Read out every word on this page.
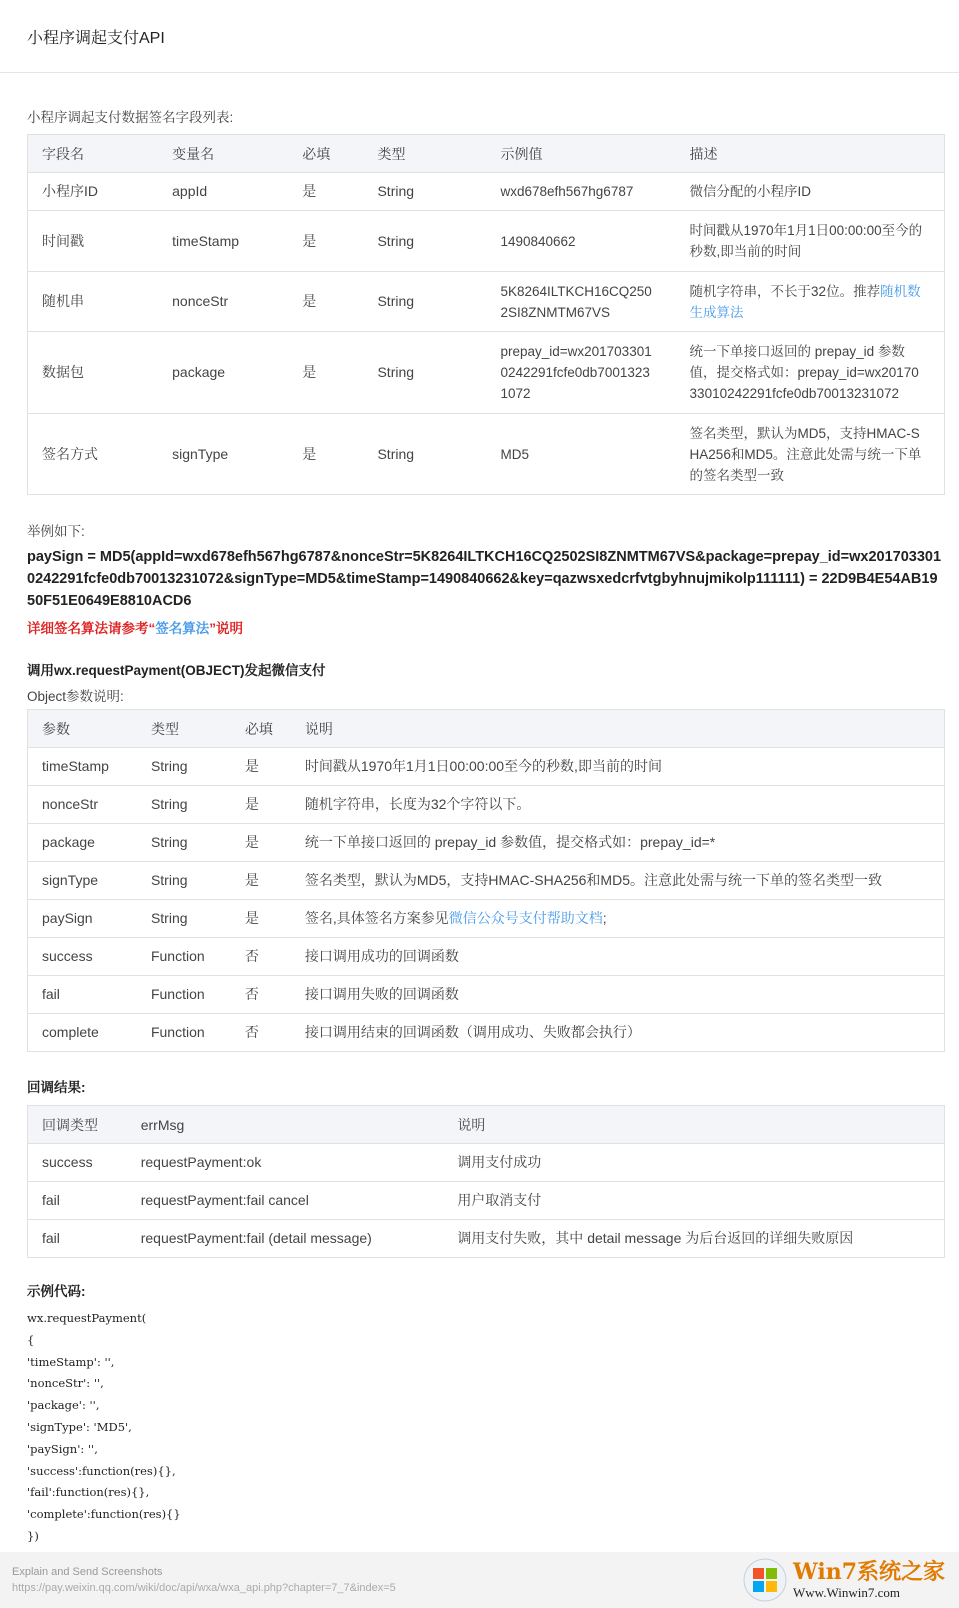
小程序调起支付API
小程序调起支付数据签名字段列表:
字段名	变量名	必填	类型	示例值	描述
小程序ID	appId	是	String	wxd678efh567hg6787	微信分配的小程序ID
时间戳	timeStamp	是	String	1490840662	时间戳从1970年1月1日00:00:00至今的秒数,即当前的时间
随机串	nonceStr	是	String	5K8264ILTKCH16CQ2502SI8ZNMTM67VS	随机字符串，不长于32位。推荐随机数生成算法
数据包	package	是	String	prepay_id=wx2017033010242291fcfe0db70013231072	统一下单接口返回的 prepay_id 参数值，提交格式如：prepay_id=wx2017033010242291fcfe0db70013231072
签名方式	signType	是	String	MD5	签名类型，默认为MD5，支持HMAC-SHA256和MD5。注意此处需与统一下单的签名类型一致
举例如下:
paySign = MD5(appId=wxd678efh567hg6787&nonceStr=5K8264ILTKCH16CQ2502SI8ZNMTM67VS&package=prepay_id=wx2017033010242291fcfe0db70013231072&signType=MD5&timeStamp=1490840662&key=qazwsxedcrfvtgbyhnujmikolp111111) = 22D9B4E54AB1950F51E0649E8810ACD6
详细签名算法请参考“签名算法”说明
调用wx.requestPayment(OBJECT)发起微信支付
Object参数说明:
参数	类型	必填	说明
timeStamp	String	是	时间戳从1970年1月1日00:00:00至今的秒数,即当前的时间
nonceStr	String	是	随机字符串，长度为32个字符以下。
package	String	是	统一下单接口返回的 prepay_id 参数值，提交格式如：prepay_id=*
signType	String	是	签名类型，默认为MD5，支持HMAC-SHA256和MD5。注意此处需与统一下单的签名类型一致
paySign	String	是	签名,具体签名方案参见微信公众号支付帮助文档;
success	Function	否	接口调用成功的回调函数
fail	Function	否	接口调用失败的回调函数
complete	Function	否	接口调用结束的回调函数（调用成功、失败都会执行）
回调结果:
回调类型	errMsg	说明
success	requestPayment:ok	调用支付成功
fail	requestPayment:fail cancel	用户取消支付
fail	requestPayment:fail (detail message)	调用支付失败，其中 detail message 为后台返回的详细失败原因
示例代码:
wx.requestPayment(
{
'timeStamp': '',
'nonceStr': '',
'package': '',
'signType': 'MD5',
'paySign': '',
'success':function(res){},
'fail':function(res){},
'complete':function(res){}
})
Explain and Send Screenshots
https://pay.weixin.qq.com/wiki/doc/api/wxa/wxa_api.php?chapter=7_7&index=5
Win7系统之家
Www.Winwin7.com
